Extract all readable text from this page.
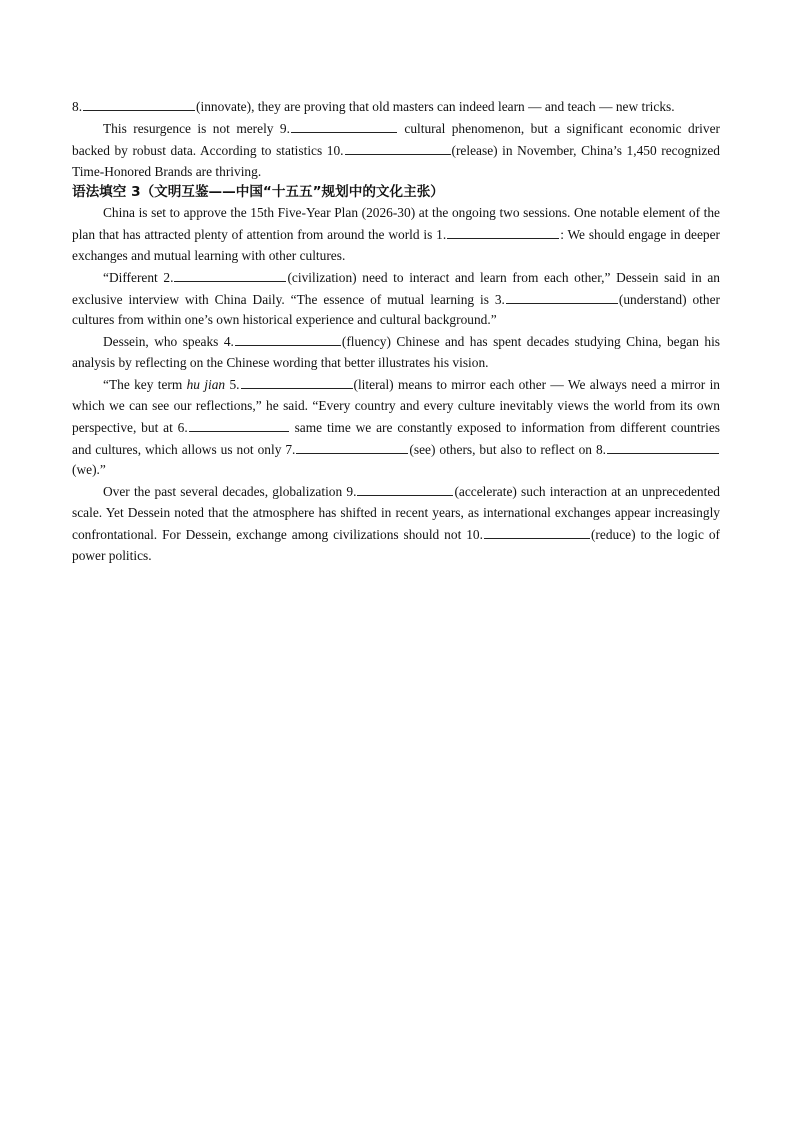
8.	(innovate), they are proving that old masters can indeed learn — and teach — new tricks.

This resurgence is not merely 9.	cultural phenomenon, but a significant economic driver backed by robust data. According to statistics 10.	(release) in November, China’s 1,450 recognized Time-Honored Brands are thriving.

语法填空 3（文明互鉴——中国“十五五”规划中的文化主张）

China is set to approve the 15th Five-Year Plan (2026-30) at the ongoing two sessions. One notable element of the plan that has attracted plenty of attention from around the world is 1.	: We should engage in deeper exchanges and mutual learning with other cultures.

“Different 2.	(civilization) need to interact and learn from each other,” Dessein said in an exclusive interview with China Daily. “The essence of mutual learning is 3.	(understand) other cultures from within one’s own historical experience and cultural background.”

Dessein, who speaks 4.	(fluency) Chinese and has spent decades studying China, began his analysis by reflecting on the Chinese wording that better illustrates his vision.

“The key term hu jian 5.	(literal) means to mirror each other — We always need a mirror in which we can see our reflections,” he said. “Every country and every culture inevitably views the world from its own perspective, but at 6.	same time we are constantly exposed to information from different countries and cultures, which allows us not only 7.	(see) others, but also to reflect on 8.(we).”

Over the past several decades, globalization 9.	(accelerate) such interaction at an unprecedented scale. Yet Dessein noted that the atmosphere has shifted in recent years, as international exchanges appear increasingly confrontational. For Dessein, exchange among civilizations should not 10.	(reduce) to the logic of power politics.
